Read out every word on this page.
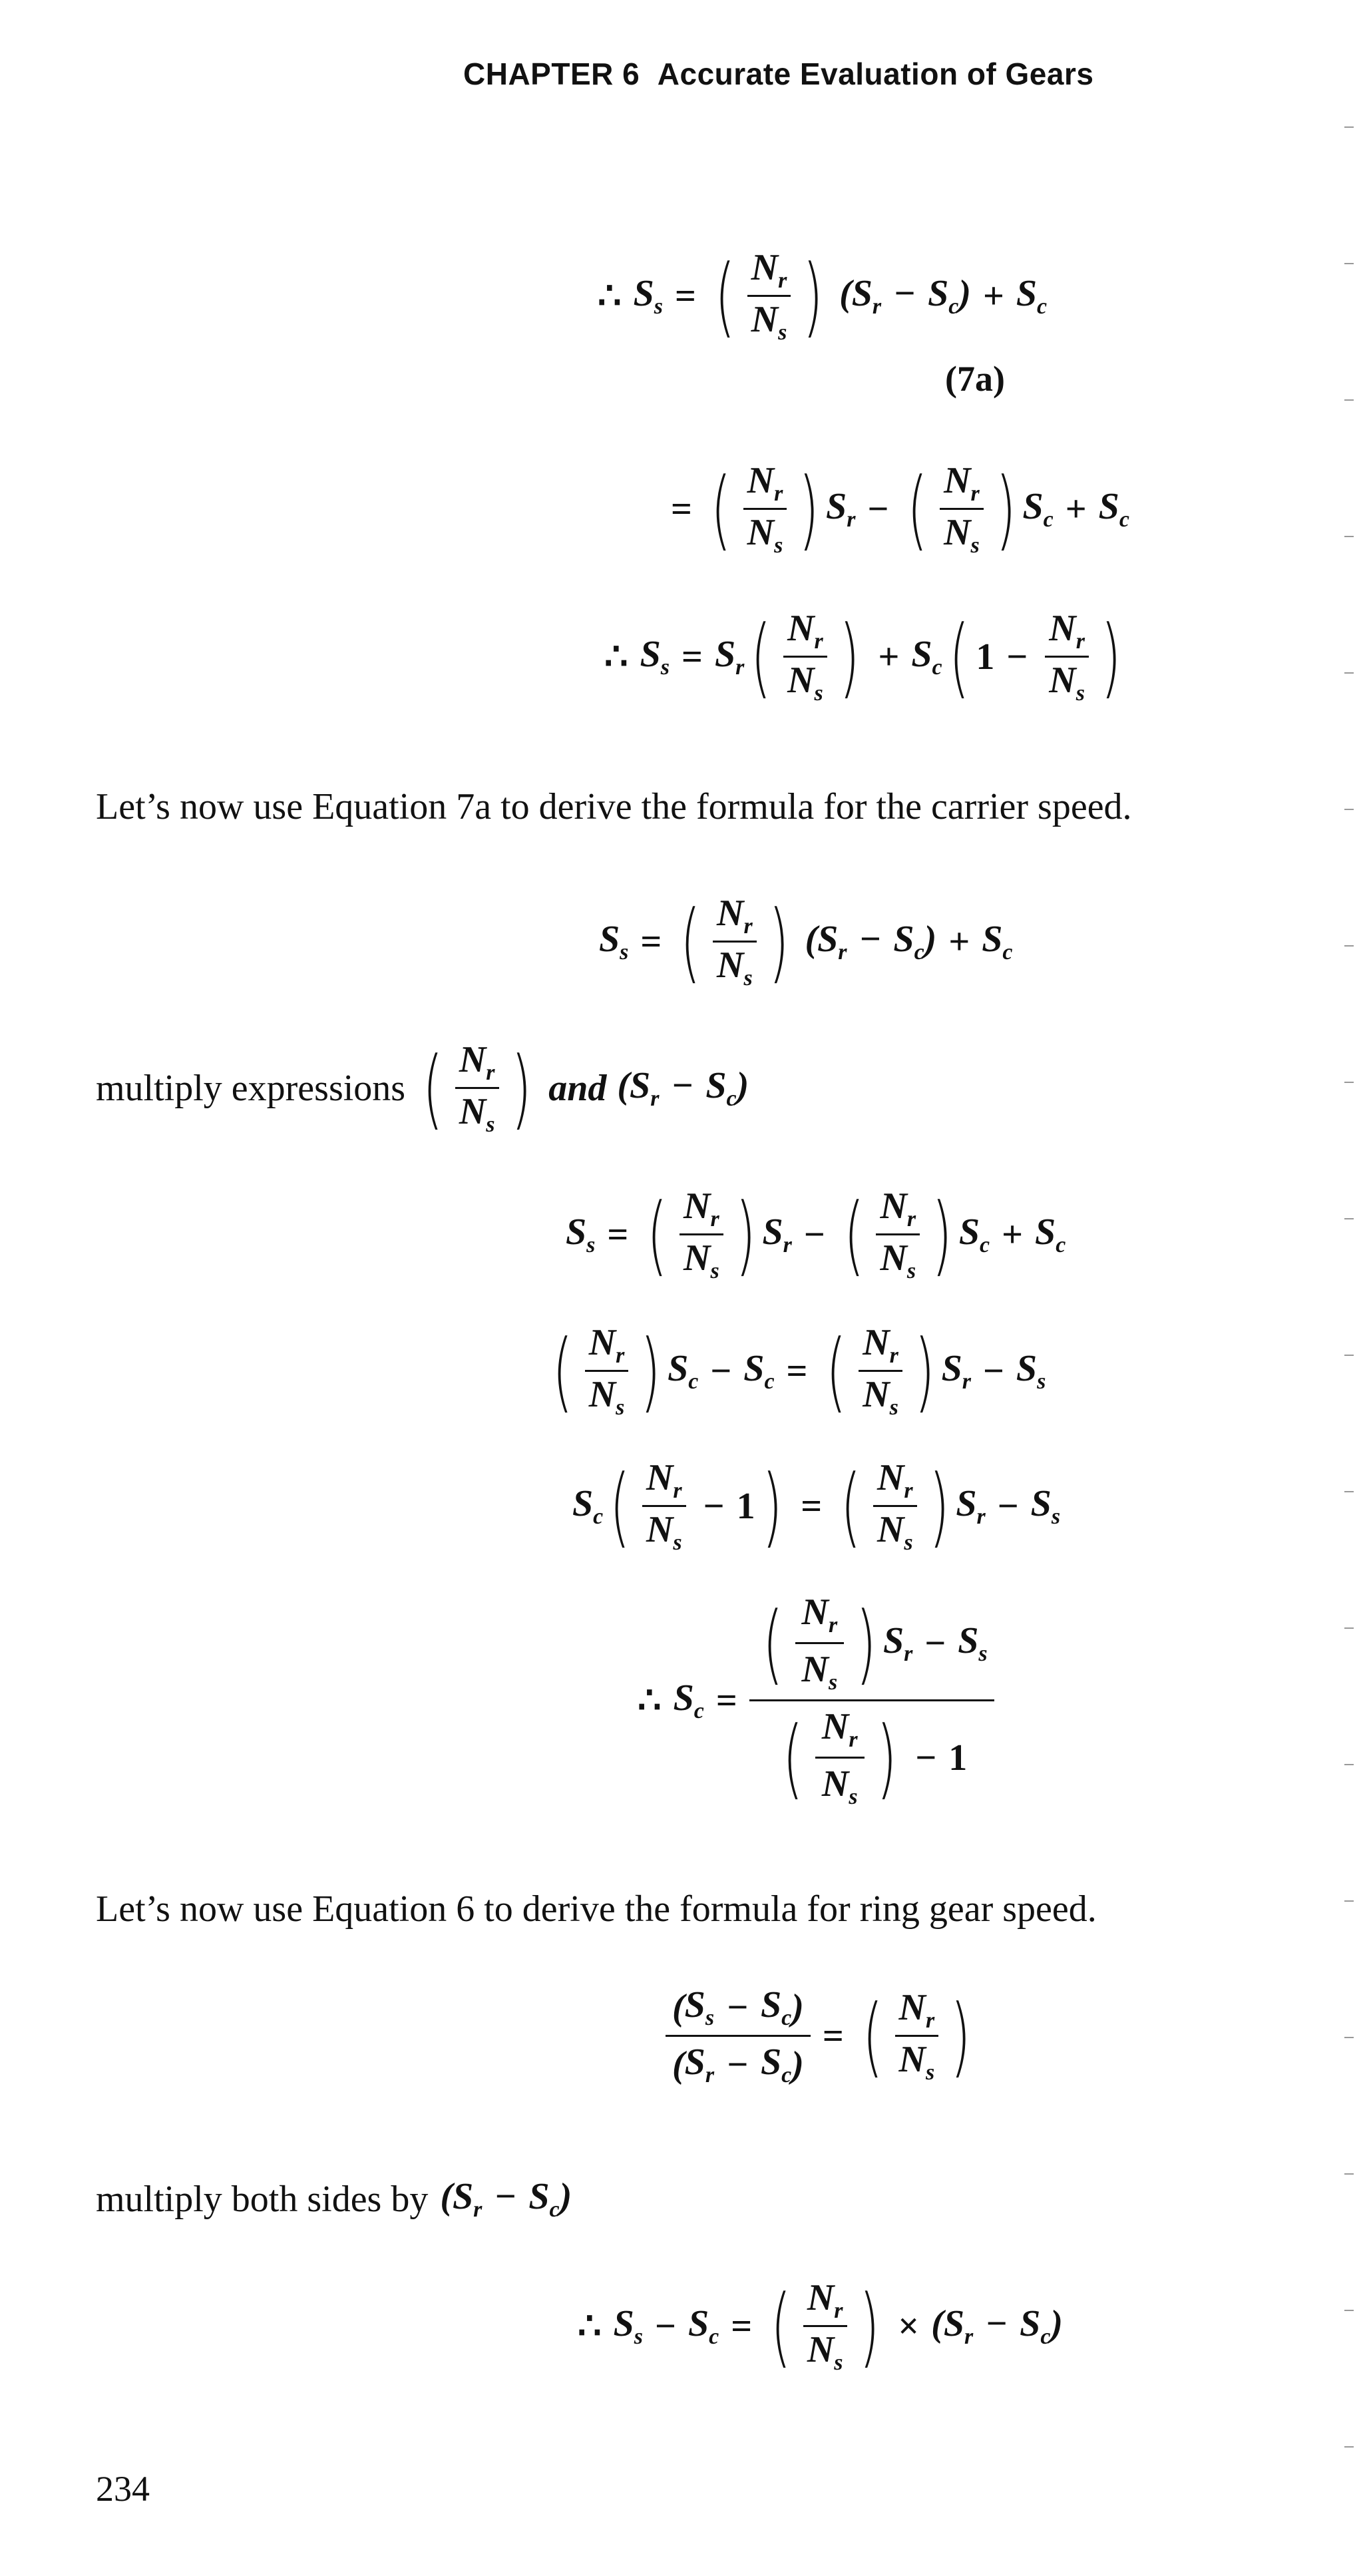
CHAPTER 6 Accurate Evaluation of Gears
∴ $S_s$ = ( $\frac{N_r}{N_s}$ ) $(S_r - S_c) + S_c$
(7a)
= ( $\frac{N_r}{N_s}$ ) $S_r$ − ( $\frac{N_r}{N_s}$ ) $S_c + S_c$
∴ $S_s = S_r$ ( $\frac{N_r}{N_s}$ ) + $S_c$ ( $1 - \frac{N_r}{N_s}$ )
Let’s now use Equation 7a to derive the formula for the carrier speed.
$S_s$ = ( $\frac{N_r}{N_s}$ ) $(S_r - S_c) + S_c$
multiply expressions ( $\frac{N_r}{N_s}$ ) and $(S_r - S_c)$
$S_s$ = ( $\frac{N_r}{N_s}$ ) $S_r$ − ( $\frac{N_r}{N_s}$ ) $S_c + S_c$
( $\frac{N_r}{N_s}$ ) $S_c - S_c$ = ( $\frac{N_r}{N_s}$ ) $S_r - S_s$
$S_c$ ( $\frac{N_r}{N_s} - 1$ ) = ( $\frac{N_r}{N_s}$ ) $S_r - S_s$
∴ $S_c = \frac{( \frac{N_r}{N_s} ) S_r - S_s}{( \frac{N_r}{N_s} ) - 1}$
Let’s now use Equation 6 to derive the formula for ring gear speed.
$\frac{( S_s - S_c )}{( S_r - S_c )}$ = ( $\frac{N_r}{N_s}$ )
multiply both sides by $(S_r - S_c)$
∴ $S_s - S_c$ = ( $\frac{N_r}{N_s}$ ) × $(S_r - S_c)$
234
